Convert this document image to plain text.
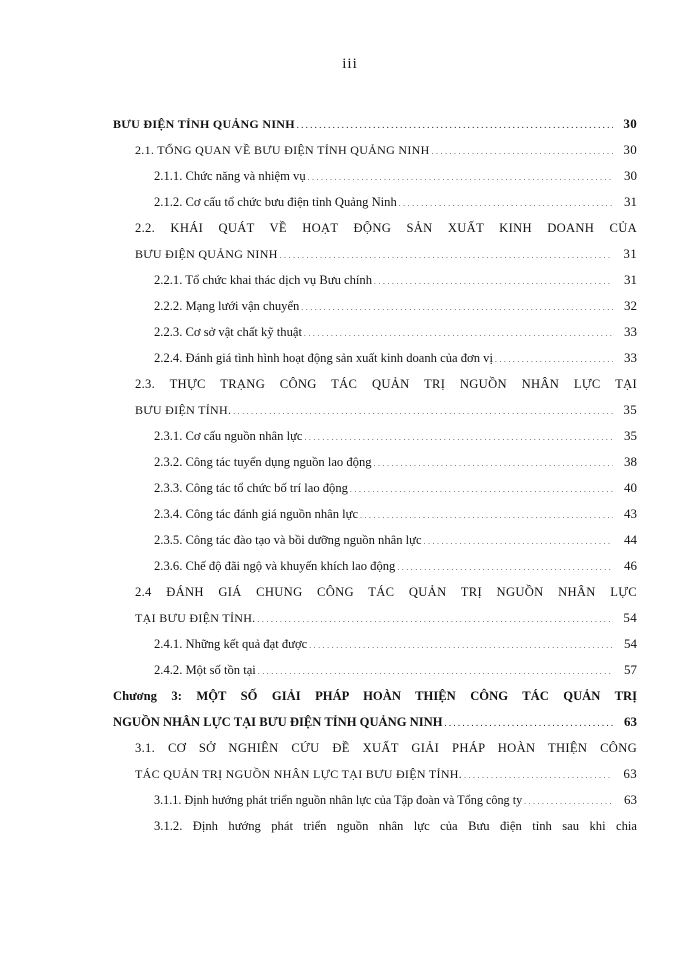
iii
BƯU ĐIỆN TỈNH QUẢNG NINH . . .	30
2.1. TỔNG QUAN VỀ BƯU ĐIỆN TỈNH QUẢNG NINH . . .	30
2.1.1. Chức năng và nhiệm vụ . . .	30
2.1.2. Cơ cấu tổ chức bưu điện tỉnh Quảng Ninh . . .	31
2.2. KHÁI QUÁT VỀ HOẠT ĐỘNG SẢN XUẤT KINH DOANH CỦA
BƯU ĐIỆN QUẢNG NINH . . .	31
2.2.1. Tổ chức khai thác dịch vụ Bưu chính . . .	31
2.2.2. Mạng lưới vận chuyển . . .	32
2.2.3. Cơ sở vật chất kỹ thuật . . .	33
2.2.4. Đánh giá tình hình hoạt động sản xuất kinh doanh của đơn vị . . .	33
2.3. THỰC TRẠNG CÔNG TÁC QUẢN TRỊ NGUỒN NHÂN LỰC TẠI
BƯU ĐIỆN TỈNH. . . .	35
2.3.1. Cơ cấu nguồn nhân lực . . .	35
2.3.2. Công tác tuyển dụng nguồn lao động . . .	38
2.3.3. Công tác tổ chức bố trí lao động . . .	40
2.3.4. Công tác đánh giá nguồn nhân lực . . .	43
2.3.5. Công tác đào tạo và bồi dưỡng nguồn nhân lực . . .	44
2.3.6. Chế độ đãi ngộ và khuyến khích lao động . . .	46
2.4 ĐÁNH GIÁ CHUNG CÔNG TÁC QUẢN TRỊ NGUỒN NHÂN LỰC
TẠI BƯU ĐIỆN TỈNH. . . .	54
2.4.1. Những kết quả đạt được . . .	54
2.4.2. Một số tồn tại . . .	57
Chương 3: MỘT SỐ GIẢI PHÁP HOÀN THIỆN CÔNG TÁC QUẢN TRỊ
NGUỒN NHÂN LỰC TẠI BƯU ĐIỆN TỈNH QUẢNG NINH . . .	63
3.1. CƠ SỞ NGHIÊN CỨU ĐỀ XUẤT GIẢI PHÁP HOÀN THIỆN CÔNG
TÁC QUẢN TRỊ NGUỒN NHÂN LỰC TẠI BƯU ĐIỆN TỈNH. . . .	63
3.1.1. Định hướng phát triển nguồn nhân lực của Tập đoàn và Tổng công ty . . .	63
3.1.2. Định hướng phát triển nguồn nhân lực của Bưu điện tỉnh sau khi chia
